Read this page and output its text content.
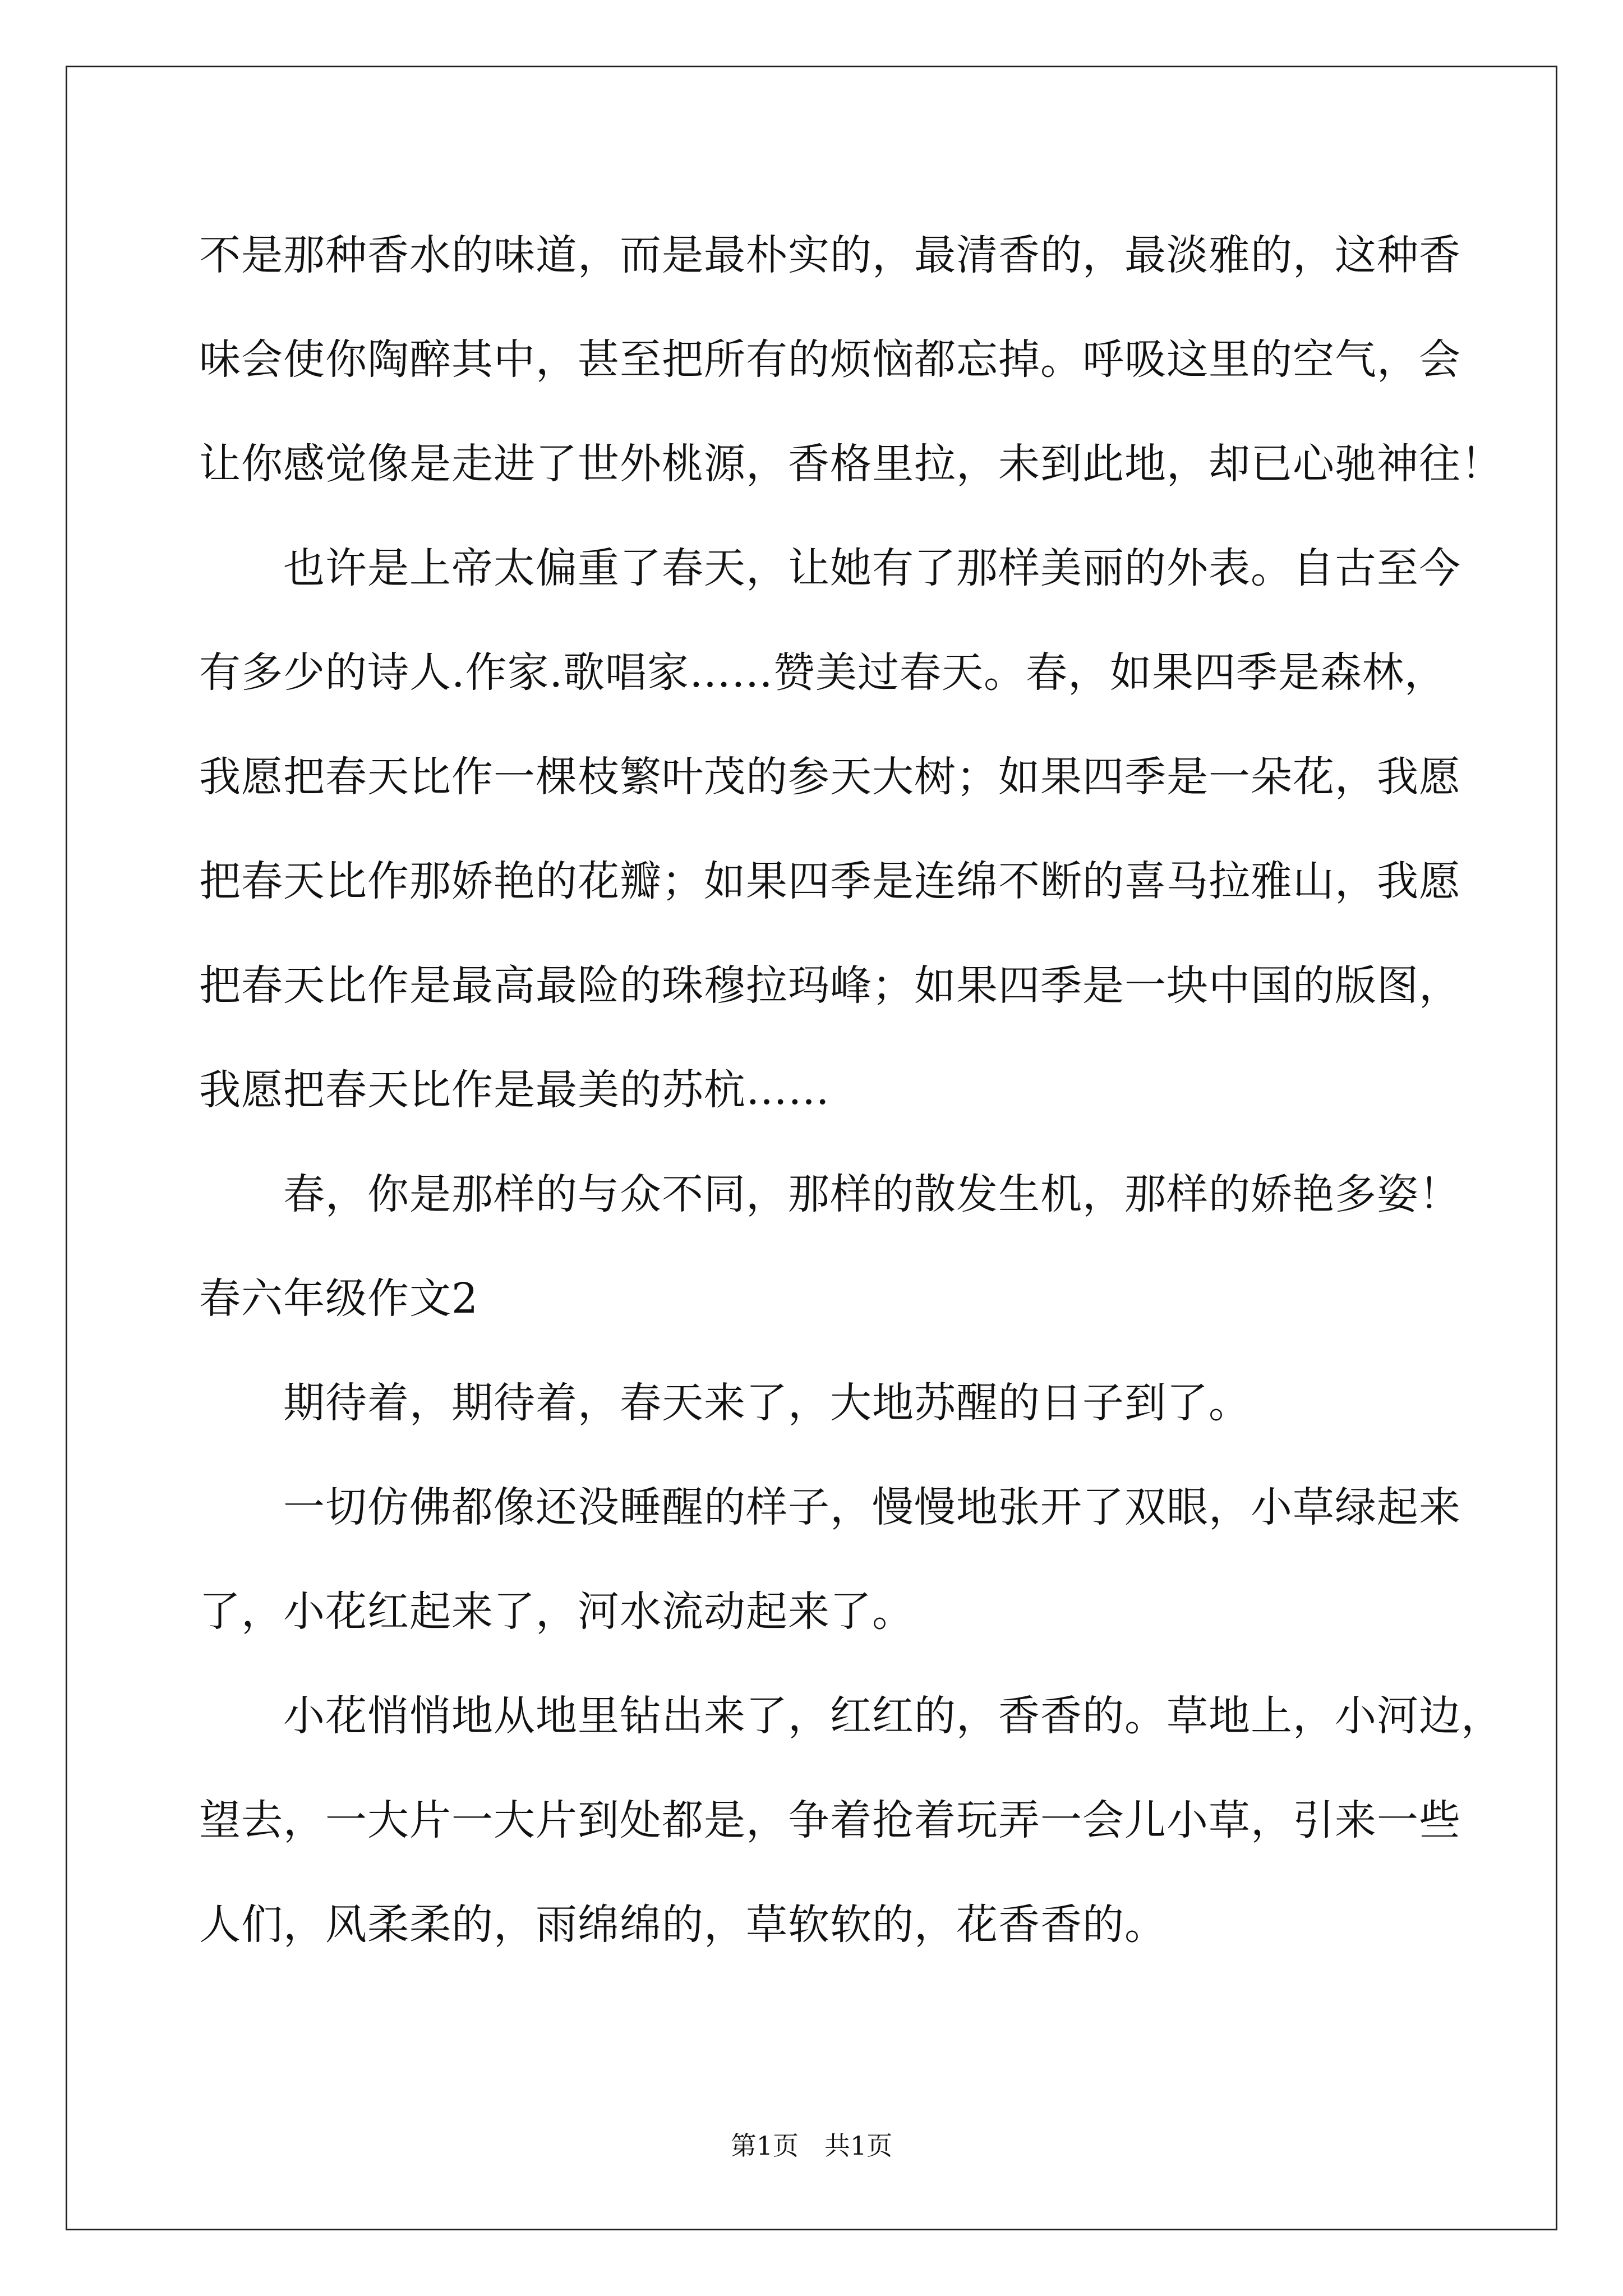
不是那种香水的味道，而是最朴实的，最清香的，最淡雅的，这种香
味会使你陶醉其中，甚至把所有的烦恼都忘掉。呼吸这里的空气，会
让你感觉像是走进了世外桃源，香格里拉，未到此地，却已心驰神往！
　　也许是上帝太偏重了春天，让她有了那样美丽的外表。自古至今
有多少的诗人.作家.歌唱家……赞美过春天。春，如果四季是森林，
我愿把春天比作一棵枝繁叶茂的参天大树；如果四季是一朵花，我愿
把春天比作那娇艳的花瓣；如果四季是连绵不断的喜马拉雅山，我愿
把春天比作是最高最险的珠穆拉玛峰；如果四季是一块中国的版图，
我愿把春天比作是最美的苏杭……
　　春，你是那样的与众不同，那样的散发生机，那样的娇艳多姿！
春六年级作文2
　　期待着，期待着，春天来了，大地苏醒的日子到了。
　　一切仿佛都像还没睡醒的样子，慢慢地张开了双眼，小草绿起来
了，小花红起来了，河水流动起来了。
　　小花悄悄地从地里钻出来了，红红的，香香的。草地上，小河边，
望去，一大片一大片到处都是，争着抢着玩弄一会儿小草，引来一些
人们，风柔柔的，雨绵绵的，草软软的，花香香的。
第1页　共1页
